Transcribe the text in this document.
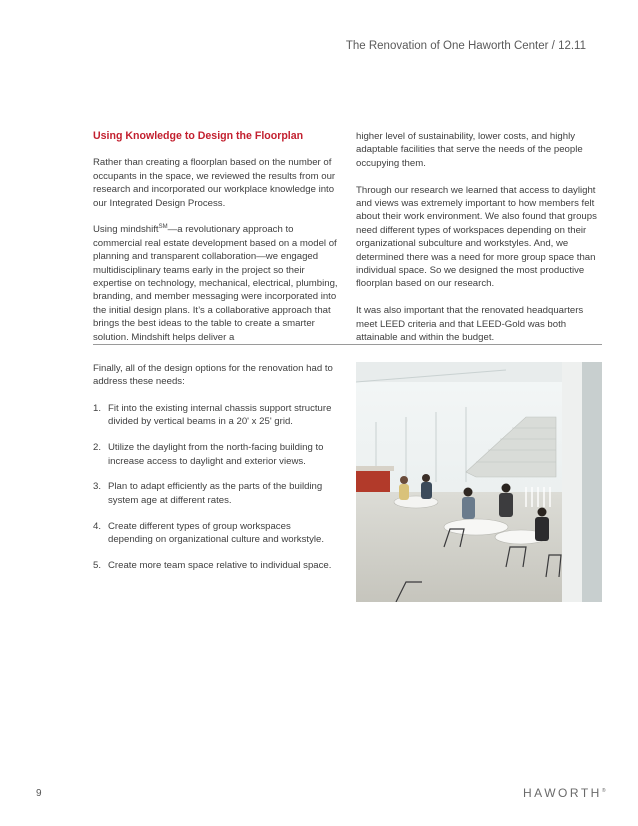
The Renovation of One Haworth Center / 12.11
Using Knowledge to Design the Floorplan

Rather than creating a floorplan based on the number of occupants in the space, we reviewed the results from our research and incorporated our workplace knowledge into our Integrated Design Process.

Using mindshift℠—a revolutionary approach to commercial real estate development based on a model of planning and transparent collaboration—we engaged multidisciplinary teams early in the project so their expertise on technology, mechanical, electrical, plumbing, branding, and member messaging were incorporated into the initial design plans. It’s a collaborative approach that brings the best ideas to the table to create a smarter solution. Mindshift helps deliver a

higher level of sustainability, lower costs, and highly adaptable facilities that serve the needs of the people occupying them.

Through our research we learned that access to daylight and views was extremely important to how members felt about their work environment. We also found that groups need different types of workspaces depending on their organizational subculture and workstyles. And, we determined there was a need for more group space than individual space. So we designed the most productive floorplan based on our research.

It was also important that the renovated headquarters meet LEED criteria and that LEED-Gold was both attainable and within the budget.

Finally, all of the design options for the renovation had to address these needs:

1. Fit into the existing internal chassis support structure divided by vertical beams in a 20' x 25' grid.
2. Utilize the daylight from the north-facing building to increase access to daylight and exterior views.
3. Plan to adapt efficiently as the parts of the building system age at different rates.
4. Create different types of group workspaces depending on organizational culture and workstyle.
5. Create more team space relative to individual space.
9	HAWORTH®
